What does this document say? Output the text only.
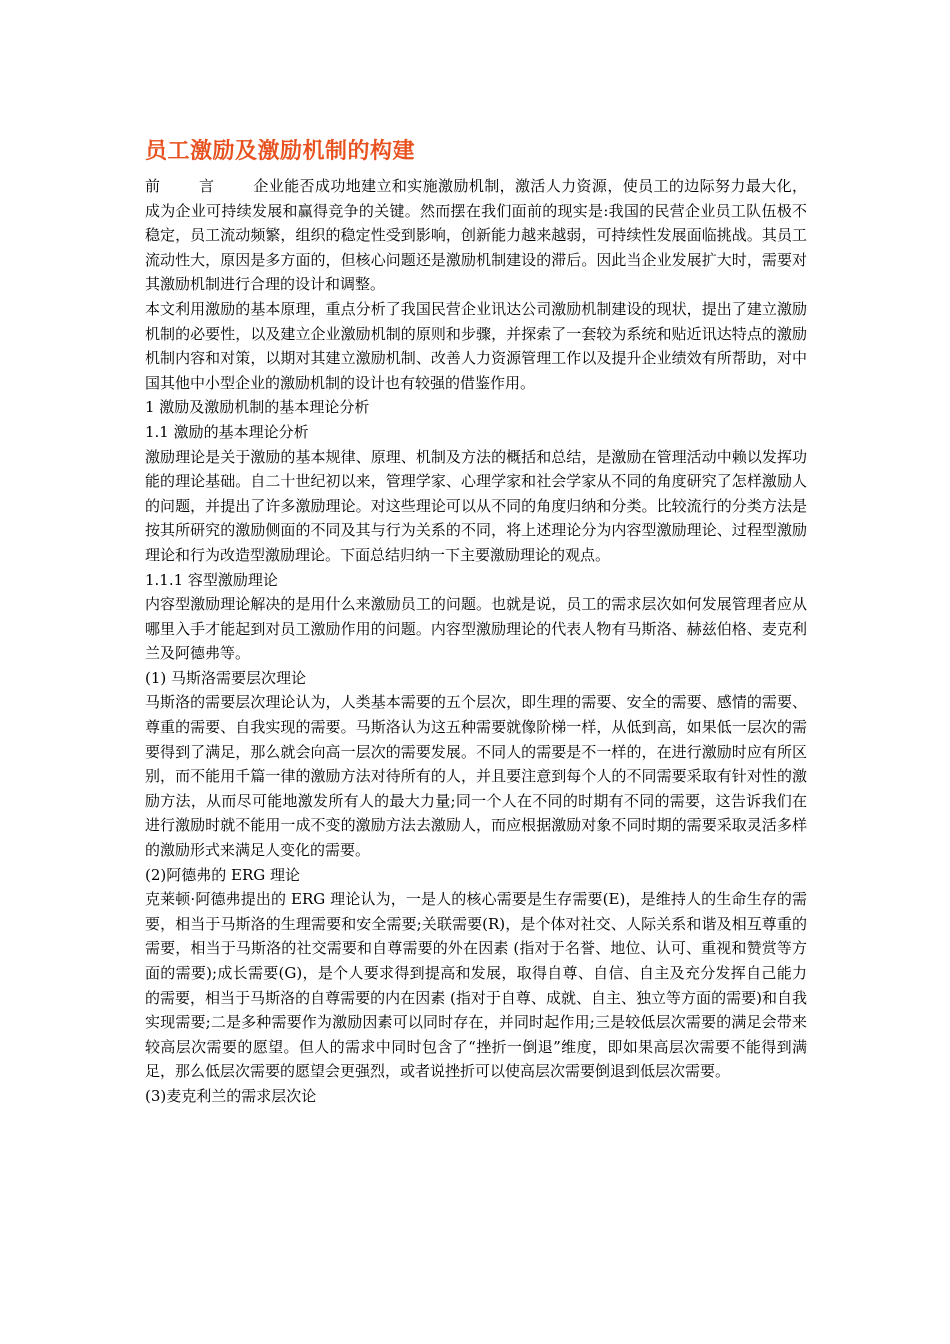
员工激励及激励机制的构建

前	言	企业能否成功地建立和实施激励机制，激活人力资源，使员工的边际努力最大化，成为企业可持续发展和赢得竞争的关键。然而摆在我们面前的现实是:我国的民营企业员工队伍极不稳定，员工流动频繁，组织的稳定性受到影响，创新能力越来越弱，可持续性发展面临挑战。其员工流动性大，原因是多方面的，但核心问题还是激励机制建设的滞后。因此当企业发展扩大时，需要对其激励机制进行合理的设计和调整。

本文利用激励的基本原理，重点分析了我国民营企业讯达公司激励机制建设的现状，提出了建立激励机制的必要性，以及建立企业激励机制的原则和步骤，并探索了一套较为系统和贴近讯达特点的激励机制内容和对策，以期对其建立激励机制、改善人力资源管理工作以及提升企业绩效有所帮助，对中国其他中小型企业的激励机制的设计也有较强的借鉴作用。

1 激励及激励机制的基本理论分析

1.1 激励的基本理论分析

激励理论是关于激励的基本规律、原理、机制及方法的概括和总结，是激励在管理活动中赖以发挥功能的理论基础。自二十世纪初以来，管理学家、心理学家和社会学家从不同的角度研究了怎样激励人的问题，并提出了许多激励理论。对这些理论可以从不同的角度归纳和分类。比较流行的分类方法是按其所研究的激励侧面的不同及其与行为关系的不同，将上述理论分为内容型激励理论、过程型激励理论和行为改造型激励理论。下面总结归纳一下主要激励理论的观点。

1.1.1 容型激励理论

内容型激励理论解决的是用什么来激励员工的问题。也就是说，员工的需求层次如何发展管理者应从哪里入手才能起到对员工激励作用的问题。内容型激励理论的代表人物有马斯洛、赫兹伯格、麦克利兰及阿德弗等。

(1) 马斯洛需要层次理论

马斯洛的需要层次理论认为，人类基本需要的五个层次，即生理的需要、安全的需要、感情的需要、尊重的需要、自我实现的需要。马斯洛认为这五种需要就像阶梯一样，从低到高，如果低一层次的需要得到了满足，那么就会向高一层次的需要发展。不同人的需要是不一样的，在进行激励时应有所区别，而不能用千篇一律的激励方法对待所有的人，并且要注意到每个人的不同需要采取有针对性的激励方法，从而尽可能地激发所有人的最大力量;同一个人在不同的时期有不同的需要，这告诉我们在进行激励时就不能用一成不变的激励方法去激励人，而应根据激励对象不同时期的需要采取灵活多样的激励形式来满足人变化的需要。

(2)阿德弗的 ERG 理论

克莱顿·阿德弗提出的 ERG 理论认为，一是人的核心需要是生存需要(E)，是维持人的生命生存的需要，相当于马斯洛的生理需要和安全需要;关联需要(R)，是个体对社交、人际关系和谐及相互尊重的需要，相当于马斯洛的社交需要和自尊需要的外在因素 (指对于名誉、地位、认可、重视和赞赏等方面的需要);成长需要(G)，是个人要求得到提高和发展，取得自尊、自信、自主及充分发挥自己能力的需要，相当于马斯洛的自尊需要的内在因素 (指对于自尊、成就、自主、独立等方面的需要)和自我实现需要;二是多种需要作为激励因素可以同时存在，并同时起作用;三是较低层次需要的满足会带来较高层次需要的愿望。但人的需求中同时包含了“挫折一倒退”维度，即如果高层次需要不能得到满足，那么低层次需要的愿望会更强烈，或者说挫折可以使高层次需要倒退到低层次需要。

(3)麦克利兰的需求层次论
